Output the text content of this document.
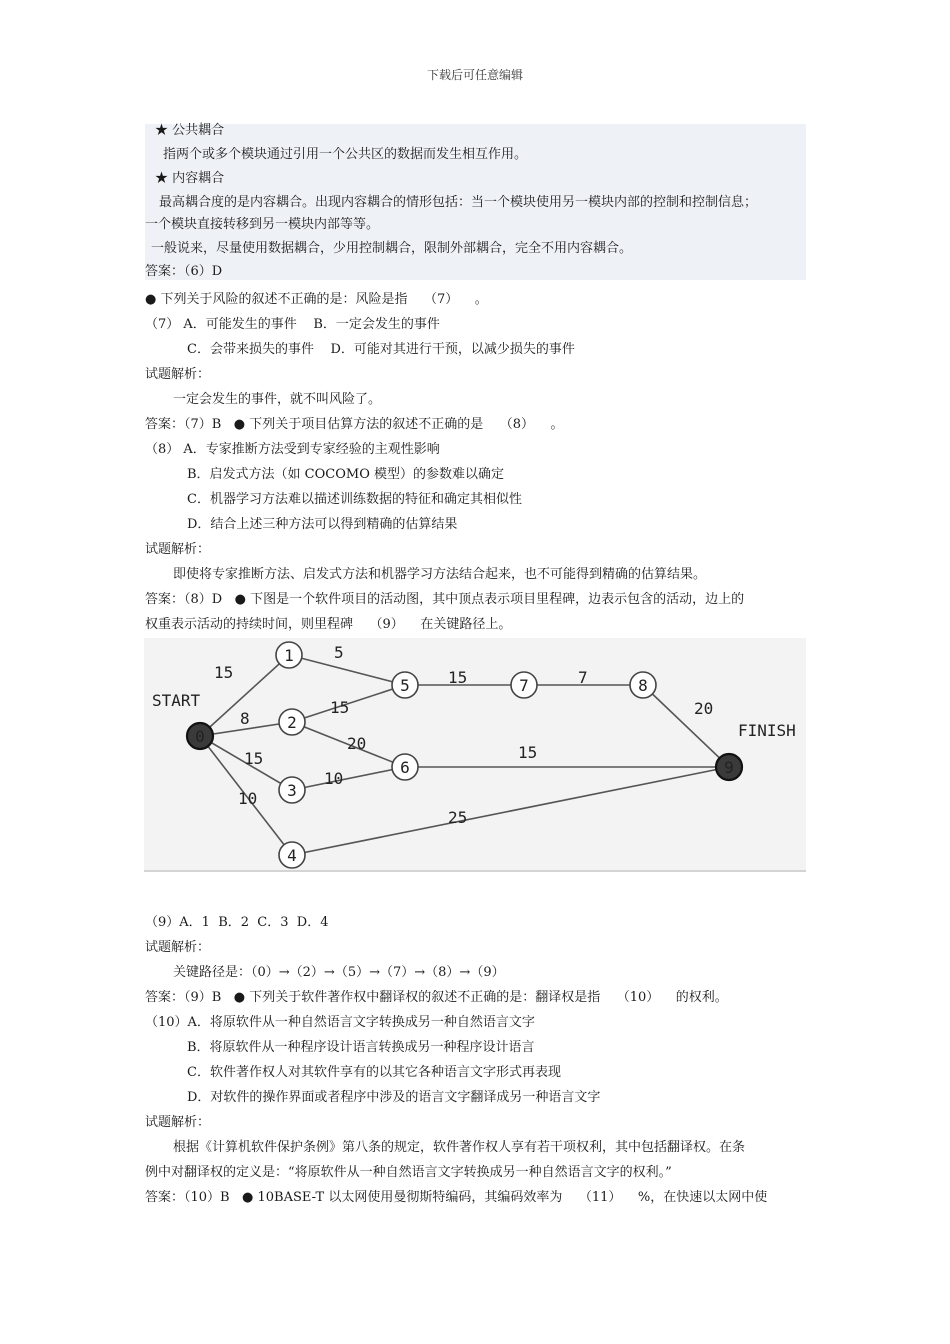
下载后可任意编辑
★ 公共耦合
指两个或多个模块通过引用一个公共区的数据而发生相互作用。
★ 内容耦合
最高耦合度的是内容耦合。出现内容耦合的情形包括：当一个模块使用另一模块内部的控制和控制信息；
一个模块直接转移到另一模块内部等等。
一般说来，尽量使用数据耦合，少用控制耦合，限制外部耦合，完全不用内容耦合。
答案：（6）D
● 下列关于风险的叙述不正确的是：风险是指    （7）    。
（7） A．可能发生的事件    B．一定会发生的事件
C．会带来损失的事件    D．可能对其进行干预，以减少损失的事件
试题解析：
一定会发生的事件，就不叫风险了。
答案：（7）B   ● 下列关于项目估算方法的叙述不正确的是    （8）    。
（8） A．专家推断方法受到专家经验的主观性影响
B．启发式方法（如 COCOMO 模型）的参数难以确定
C．机器学习方法难以描述训练数据的特征和确定其相似性
D．结合上述三种方法可以得到精确的估算结果
试题解析：
即使将专家推断方法、启发式方法和机器学习方法结合起来，也不可能得到精确的估算结果。
答案：（8）D   ● 下图是一个软件项目的活动图，其中顶点表示项目里程碑，边表示包含的活动，边上的
权重表示活动的持续时间，则里程碑    （9）    在关键路径上。
15
8
15
10
5
15
20
10
15	7
20
15
25
0
1
2
3
4
5
6
7	8
9
START
FINISH
（9）A．1  B．2  C．3  D．4
试题解析：
关键路径是：（0）→（2）→（5）→（7）→（8）→（9）
答案：（9）B   ● 下列关于软件著作权中翻译权的叙述不正确的是：翻译权是指    （10）    的权利。
（10）A．将原软件从一种自然语言文字转换成另一种自然语言文字
B．将原软件从一种程序设计语言转换成另一种程序设计语言
C．软件著作权人对其软件享有的以其它各种语言文字形式再表现
D．对软件的操作界面或者程序中涉及的语言文字翻译成另一种语言文字
试题解析：
根据《计算机软件保护条例》第八条的规定，软件著作权人享有若干项权利，其中包括翻译权。在条
例中对翻译权的定义是：“将原软件从一种自然语言文字转换成另一种自然语言文字的权利。”
答案：（10）B   ● 10BASE-T 以太网使用曼彻斯特编码，其编码效率为    （11）    %，在快速以太网中使
